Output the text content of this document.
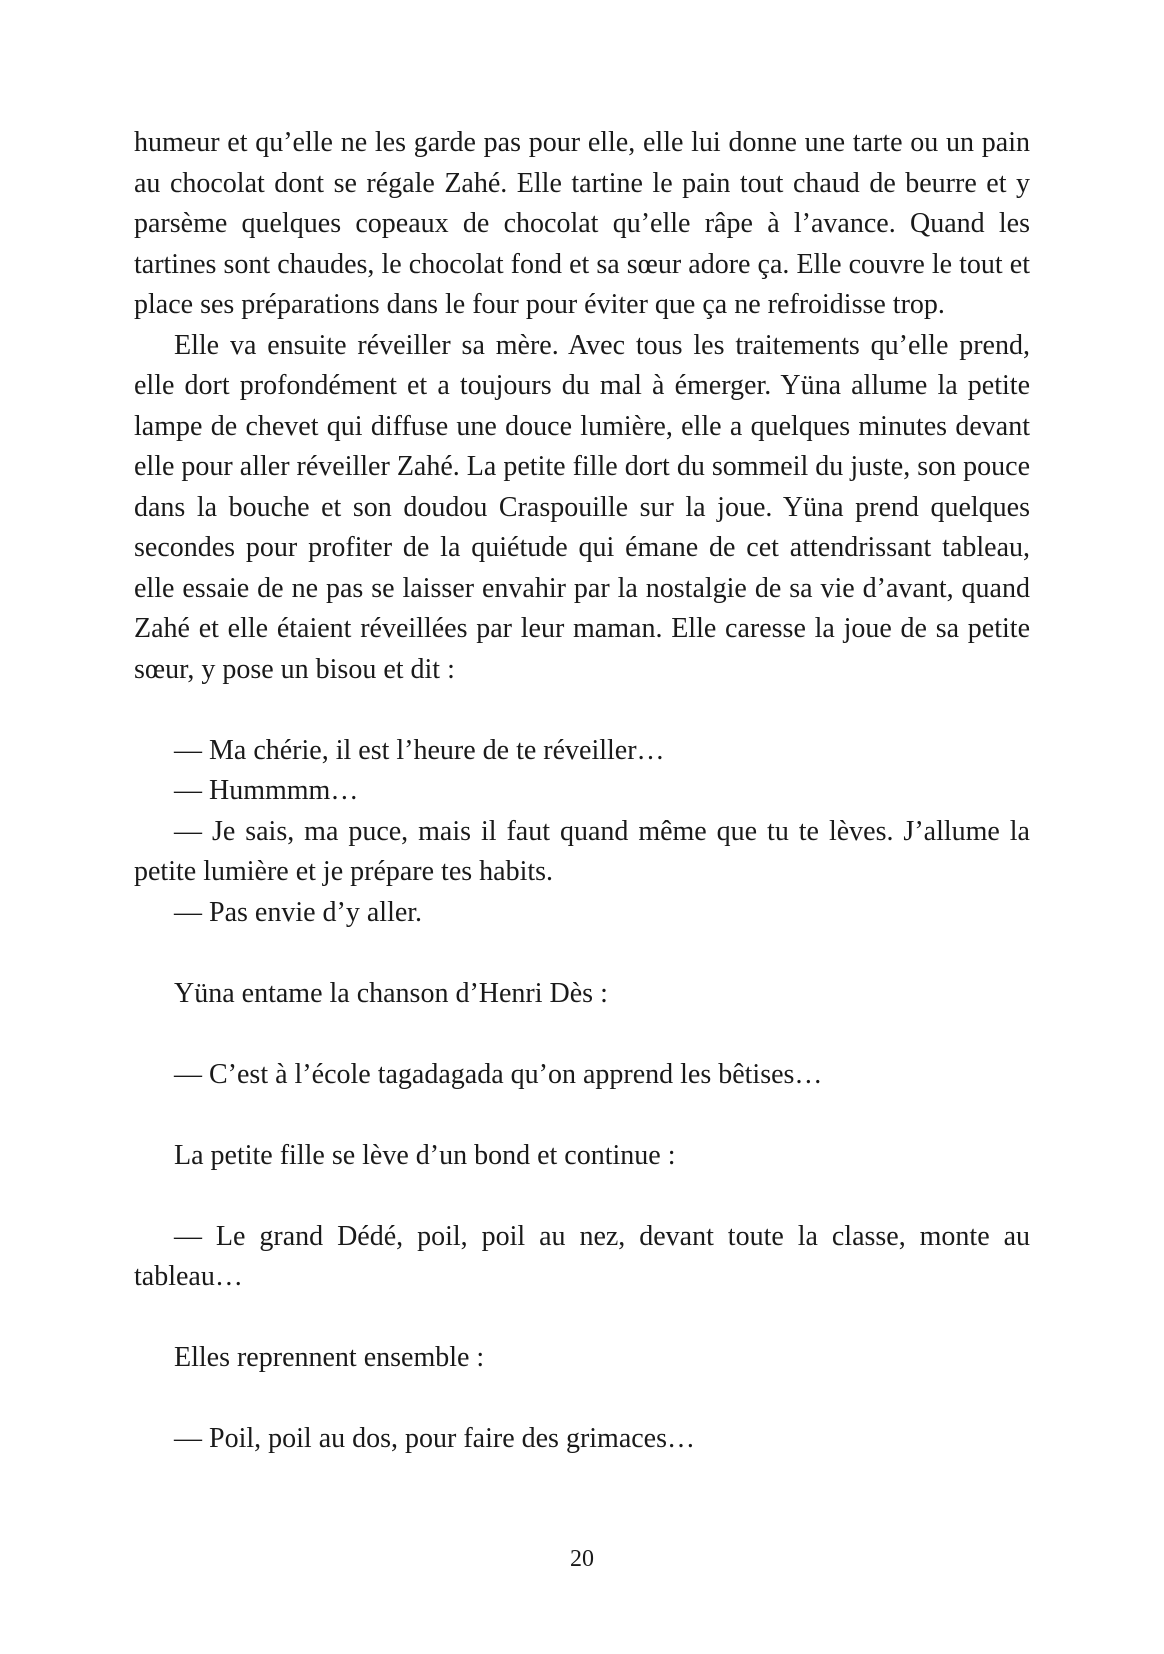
humeur et qu’elle ne les garde pas pour elle, elle lui donne une tarte ou un pain au chocolat dont se régale Zahé. Elle tartine le pain tout chaud de beurre et y parsème quelques copeaux de chocolat qu’elle râpe à l’avance. Quand les tartines sont chaudes, le chocolat fond et sa sœur adore ça. Elle couvre le tout et place ses préparations dans le four pour éviter que ça ne refroidisse trop.

Elle va ensuite réveiller sa mère. Avec tous les traitements qu’elle prend, elle dort profondément et a toujours du mal à émerger. Yüna allume la petite lampe de chevet qui diffuse une douce lumière, elle a quelques minutes devant elle pour aller réveiller Zahé. La petite fille dort du sommeil du juste, son pouce dans la bouche et son doudou Craspouille sur la joue. Yüna prend quelques secondes pour profiter de la quiétude qui émane de cet attendrissant tableau, elle essaie de ne pas se laisser envahir par la nostalgie de sa vie d’avant, quand Zahé et elle étaient réveillées par leur maman. Elle caresse la joue de sa petite sœur, y pose un bisou et dit :

— Ma chérie, il est l’heure de te réveiller…

— Hummmm…

— Je sais, ma puce, mais il faut quand même que tu te lèves. J’allume la petite lumière et je prépare tes habits.

— Pas envie d’y aller.

Yüna entame la chanson d’Henri Dès :

— C’est à l’école tagadagada qu’on apprend les bêtises…

La petite fille se lève d’un bond et continue :

— Le grand Dédé, poil, poil au nez, devant toute la classe, monte au tableau…

Elles reprennent ensemble :

— Poil, poil au dos, pour faire des grimaces…

20
